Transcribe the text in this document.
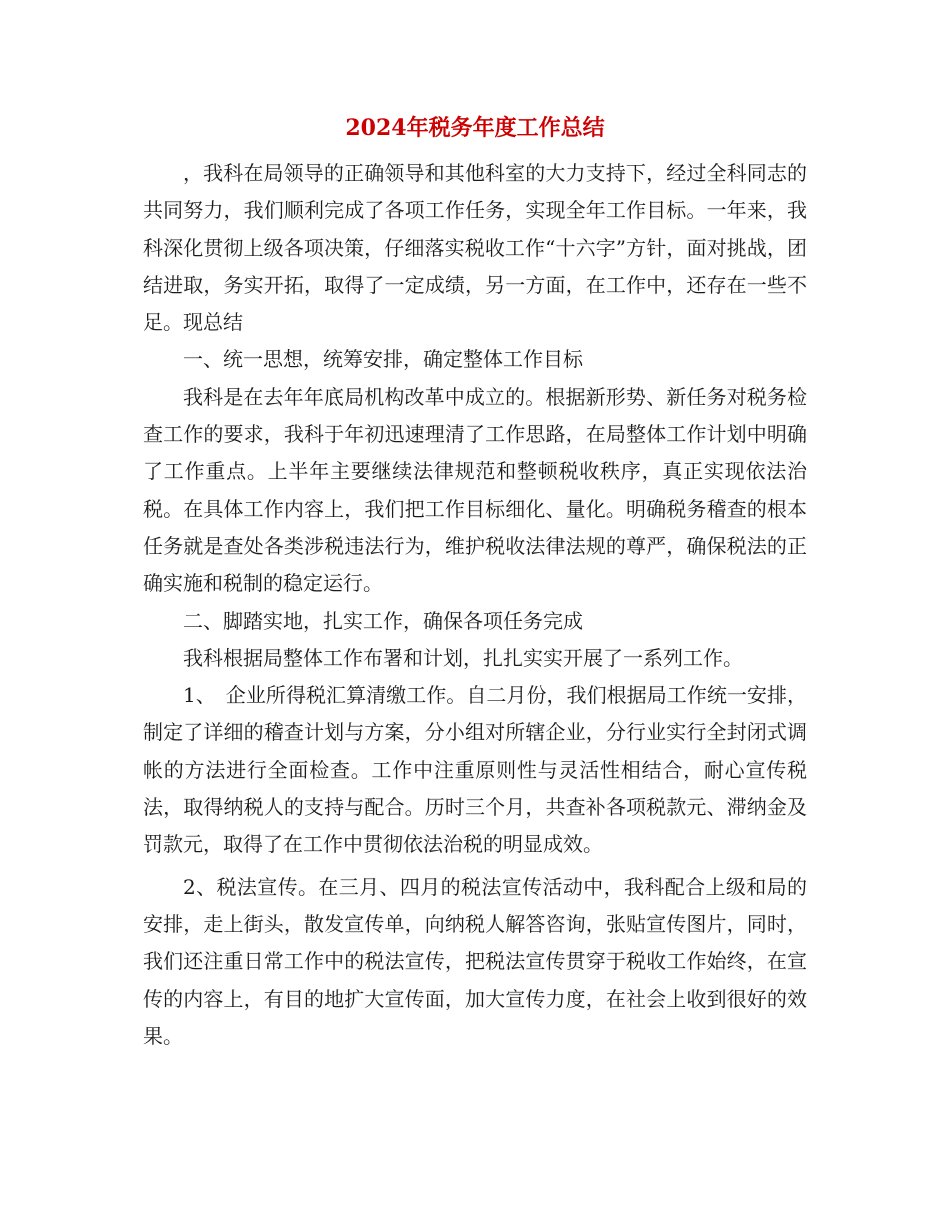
2024年税务年度工作总结

，我科在局领导的正确领导和其他科室的大力支持下，经过全科同志的共同努力，我们顺利完成了各项工作任务，实现全年工作目标。一年来，我科深化贯彻上级各项决策，仔细落实税收工作“十六字”方针，面对挑战，团结进取，务实开拓，取得了一定成绩，另一方面，在工作中，还存在一些不足。现总结

一、统一思想，统筹安排，确定整体工作目标

我科是在去年年底局机构改革中成立的。根据新形势、新任务对税务检查工作的要求，我科于年初迅速理清了工作思路，在局整体工作计划中明确了工作重点。上半年主要继续法律规范和整顿税收秩序，真正实现依法治税。在具体工作内容上，我们把工作目标细化、量化。明确税务稽查的根本任务就是查处各类涉税违法行为，维护税收法律法规的尊严，确保税法的正确实施和税制的稳定运行。

二、脚踏实地，扎实工作，确保各项任务完成

我科根据局整体工作布署和计划，扎扎实实开展了一系列工作。

1、　企业所得税汇算清缴工作。自二月份，我们根据局工作统一安排，制定了详细的稽查计划与方案，分小组对所辖企业，分行业实行全封闭式调帐的方法进行全面检查。工作中注重原则性与灵活性相结合，耐心宣传税法，取得纳税人的支持与配合。历时三个月，共查补各项税款元、滞纳金及罚款元，取得了在工作中贯彻依法治税的明显成效。

2、税法宣传。在三月、四月的税法宣传活动中，我科配合上级和局的安排，走上街头，散发宣传单，向纳税人解答咨询，张贴宣传图片，同时，我们还注重日常工作中的税法宣传，把税法宣传贯穿于税收工作始终，在宣传的内容上，有目的地扩大宣传面，加大宣传力度，在社会上收到很好的效果。
